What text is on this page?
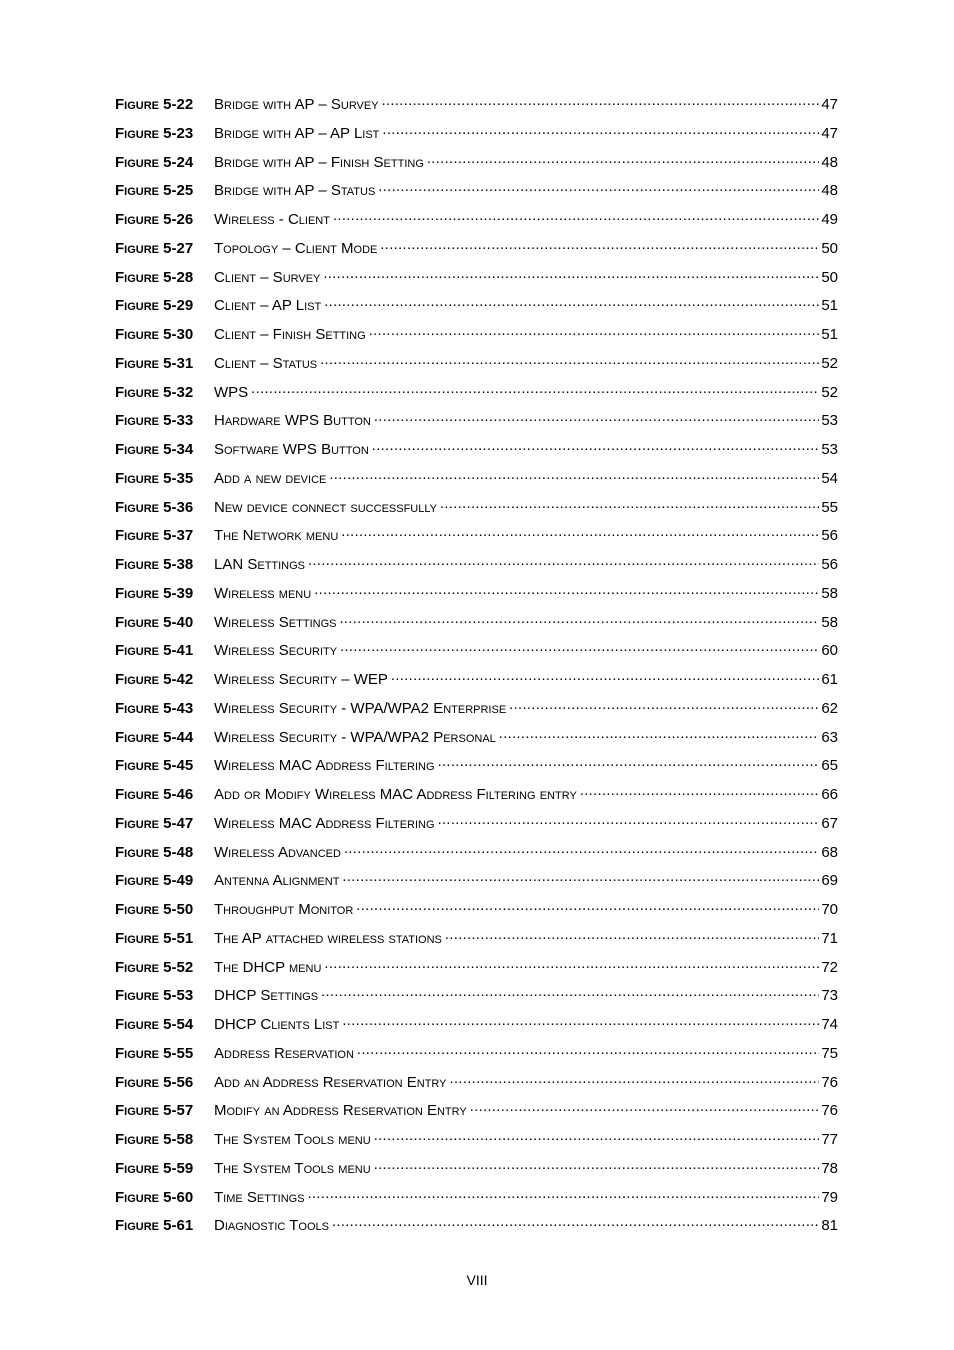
Figure 5-22	Bridge with AP – Survey .....	47
Figure 5-23	Bridge with AP – AP List .....	47
Figure 5-24	Bridge with AP – Finish Setting .....	48
Figure 5-25	Bridge with AP – Status .....	48
Figure 5-26	Wireless - Client .....	49
Figure 5-27	Topology – Client Mode .....	50
Figure 5-28	Client – Survey .....	50
Figure 5-29	Client – AP List .....	51
Figure 5-30	Client – Finish Setting .....	51
Figure 5-31	Client – Status .....	52
Figure 5-32	WPS .....	52
Figure 5-33	Hardware WPS Button .....	53
Figure 5-34	Software WPS Button .....	53
Figure 5-35	Add a new device .....	54
Figure 5-36	New device connect successfully .....	55
Figure 5-37	The Network menu .....	56
Figure 5-38	LAN Settings .....	56
Figure 5-39	Wireless menu .....	58
Figure 5-40	Wireless Settings .....	58
Figure 5-41	Wireless Security .....	60
Figure 5-42	Wireless Security – WEP .....	61
Figure 5-43	Wireless Security - WPA/WPA2 Enterprise .....	62
Figure 5-44	Wireless Security - WPA/WPA2 Personal .....	63
Figure 5-45	Wireless MAC Address Filtering .....	65
Figure 5-46	Add or Modify Wireless MAC Address Filtering entry .....	66
Figure 5-47	Wireless MAC Address Filtering .....	67
Figure 5-48	Wireless Advanced .....	68
Figure 5-49	Antenna Alignment .....	69
Figure 5-50	Throughput Monitor .....	70
Figure 5-51	The AP attached wireless stations .....	71
Figure 5-52	The DHCP menu .....	72
Figure 5-53	DHCP Settings .....	73
Figure 5-54	DHCP Clients List .....	74
Figure 5-55	Address Reservation .....	75
Figure 5-56	Add an Address Reservation Entry .....	76
Figure 5-57	Modify an Address Reservation Entry .....	76
Figure 5-58	The System Tools menu .....	77
Figure 5-59	The System Tools menu .....	78
Figure 5-60	Time Settings .....	79
Figure 5-61	Diagnostic Tools .....	81
VIII
